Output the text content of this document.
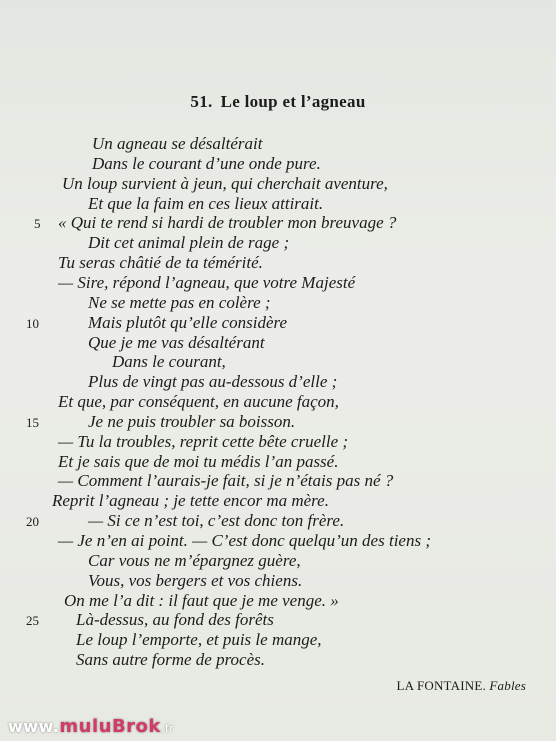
51. Le loup et l’agneau
Un agneau se désaltérait
Dans le courant d’une onde pure.
Un loup survient à jeun, qui cherchait aventure,
Et que la faim en ces lieux attirait.
« Qui te rend si hardi de troubler mon breuvage ?
Dit cet animal plein de rage ;
Tu seras châtié de ta témérité.
— Sire, répond l’agneau, que votre Majesté
Ne se mette pas en colère ;
Mais plutôt qu’elle considère
Que je me vas désaltérant
Dans le courant,
Plus de vingt pas au-dessous d’elle ;
Et que, par conséquent, en aucune façon,
Je ne puis troubler sa boisson.
— Tu la troubles, reprit cette bête cruelle ;
Et je sais que de moi tu médis l’an passé.
— Comment l’aurais-je fait, si je n’étais pas né ?
Reprit l’agneau ; je tette encor ma mère.
— Si ce n’est toi, c’est donc ton frère.
— Je n’en ai point. — C’est donc quelqu’un des tiens ;
Car vous ne m’épargnez guère,
Vous, vos bergers et vos chiens.
On me l’a dit : il faut que je me venge. »
Là-dessus, au fond des forêts
Le loup l’emporte, et puis le mange,
Sans autre forme de procès.
5
10
15
20
25
LA FONTAINE. Fables
www.muluBrok.fr
